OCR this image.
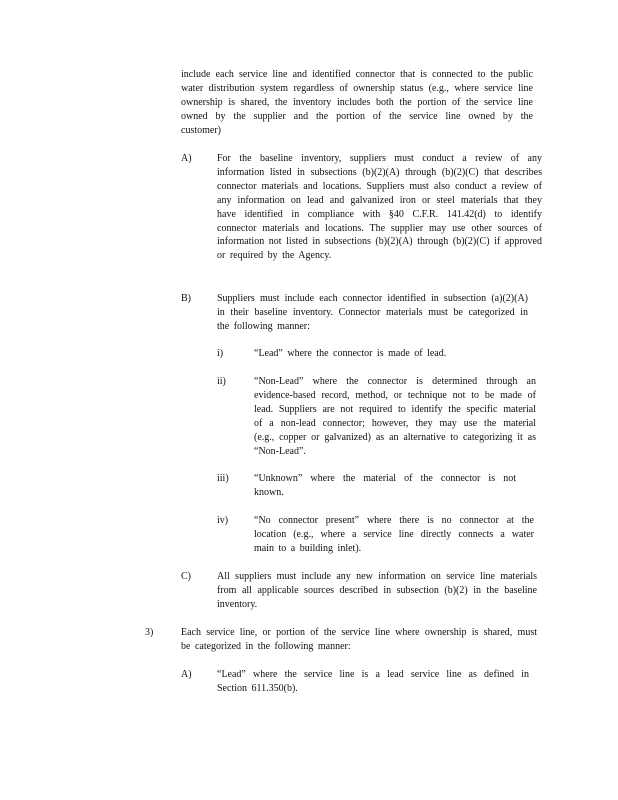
include each service line and identified connector that is connected to the public water distribution system regardless of ownership status (e.g., where service line ownership is shared, the inventory includes both the portion of the service line owned by the supplier and the portion of the service line owned by the customer)

A)	For the baseline inventory, suppliers must conduct a review of any information listed in subsections (b)(2)(A) through (b)(2)(C) that describes connector materials and locations. Suppliers must also conduct a review of any information on lead and galvanized iron or steel materials that they have identified in compliance with §40 C.F.R. 141.42(d) to identify connector materials and locations. The supplier may use other sources of information not listed in subsections (b)(2)(A) through (b)(2)(C) if approved or required by the Agency.

B)	Suppliers must include each connector identified in subsection (a)(2)(A) in their baseline inventory. Connector materials must be categorized in the following manner:

i)	“Lead” where the connector is made of lead.

ii)	“Non-Lead” where the connector is determined through an evidence-based record, method, or technique not to be made of lead. Suppliers are not required to identify the specific material of a non-lead connector; however, they may use the material (e.g., copper or galvanized) as an alternative to categorizing it as “Non-Lead”.

iii)	“Unknown” where the material of the connector is not known.

iv)	“No connector present” where there is no connector at the location (e.g., where a service line directly connects a water main to a building inlet).

C)	All suppliers must include any new information on service line materials from all applicable sources described in subsection (b)(2) in the baseline inventory.

3)	Each service line, or portion of the service line where ownership is shared, must be categorized in the following manner:

A)	“Lead” where the service line is a lead service line as defined in Section 611.350(b).
